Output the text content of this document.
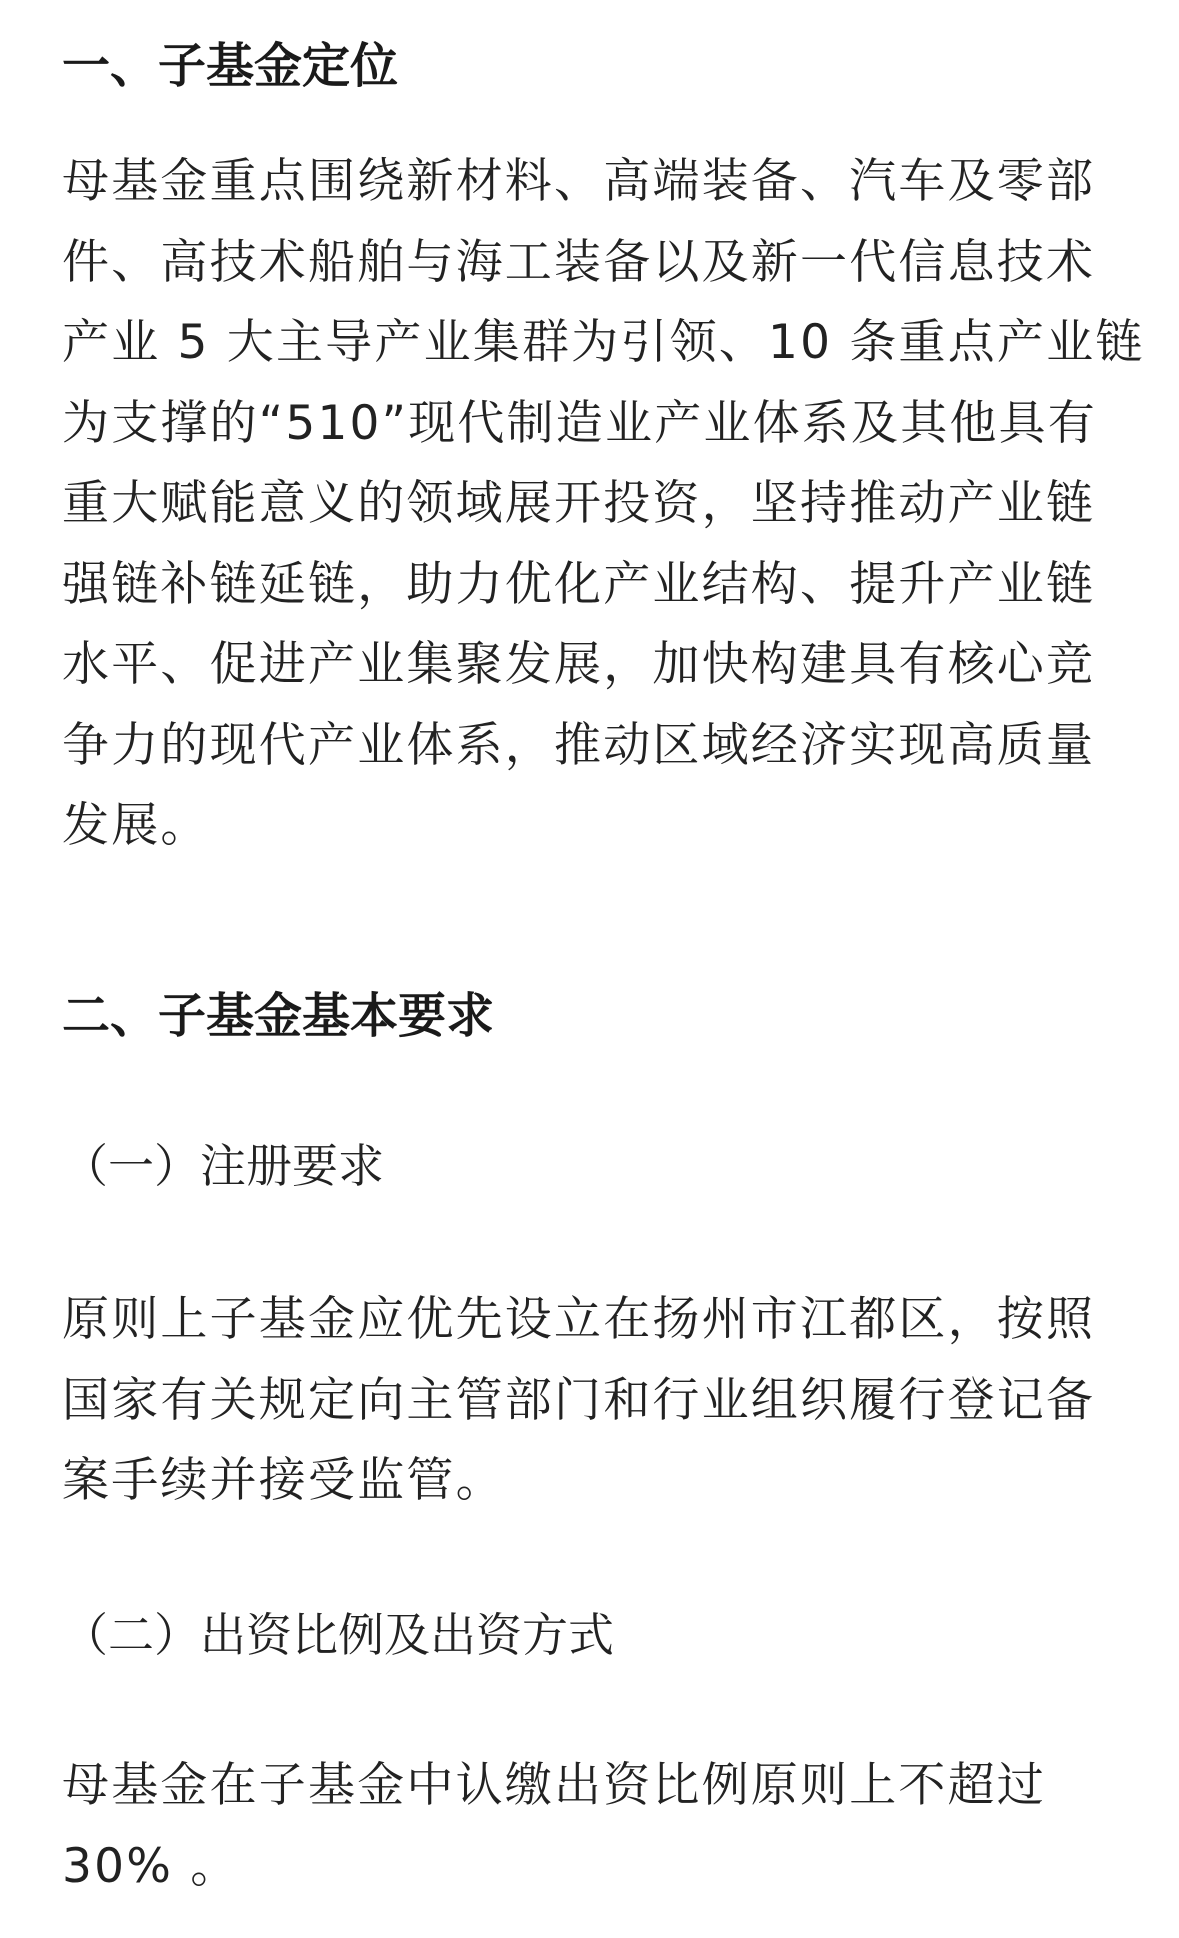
一、子基金定位
母基金重点围绕新材料、高端装备、汽车及零部
件、高技术船舶与海工装备以及新一代信息技术
产业 5 大主导产业集群为引领、10 条重点产业链
为支撑的“510”现代制造业产业体系及其他具有
重大赋能意义的领域展开投资，坚持推动产业链
强链补链延链，助力优化产业结构、提升产业链
水平、促进产业集聚发展，加快构建具有核心竞
争力的现代产业体系，推动区域经济实现高质量
发展。
二、子基金基本要求
（一）注册要求
原则上子基金应优先设立在扬州市江都区，按照
国家有关规定向主管部门和行业组织履行登记备
案手续并接受监管。
（二）出资比例及出资方式
母基金在子基金中认缴出资比例原则上不超过
30% 。
